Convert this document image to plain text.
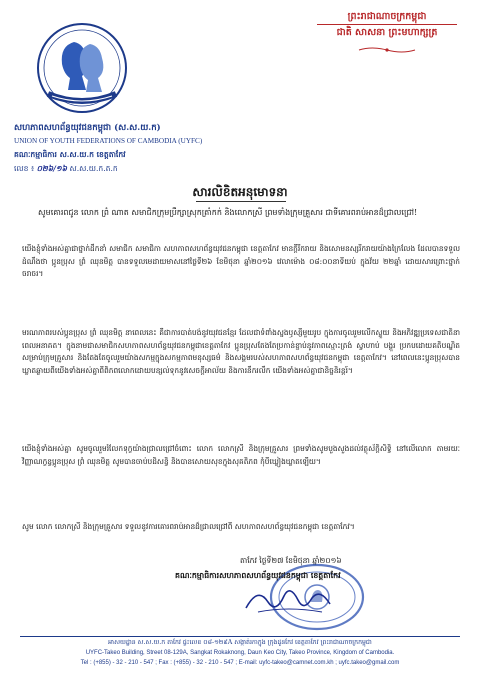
ព្រះរាជាណាចក្រកម្ពុជា
ជាតិ សាសនា ព្រះមហាក្សត្រ
សហភាពសហព័ន្ធយុវជនកម្ពុជា (ស.ស.យ.ក)
UNION OF YOUTH FEDERATIONS OF CAMBODIA (UYFC)
គណៈកម្មាធិការ ស.ស.យ.ក ខេត្តតាកែវ
លេខ ៖ ០២៦/១៦ ស.ស.យ.ក.ត.ក
សារលិខិតអនុមោទនា
សូមគោរពជូន លោក ព្រំ ណាត សមាជិកក្រុមប្រឹក្សាស្រុកត្រាំកក់ និងលោកស្រី ព្រមទាំងក្រុមគ្រួសារ ជាទីគោរពរាប់អានដ៏ជ្រាលជ្រៅ!
យើងខ្ញុំទាំងអស់គ្នាជាថ្នាក់ដឹកនាំ សមាជិក សមាជិកា សហភាពសហព័ន្ធយុវជនកម្ពុជា ខេត្តតាកែវ មានក្តីរីករាយ និងសោមនស្សរីករាយយ៉ាងក្រៃលែង ដែលបានទទួលដំណឹងថា ប្អូនប្រុស ព្រំ ឈុនមិត្ត បានទទួលមេដាយមាសនៅថ្ងៃទី២៦ ខែមិថុនា ឆ្នាំ២០១៦ វេលាម៉ោង ០៨:០០នាទីយប់ ក្នុងវ័យ ២២ឆ្នាំ ដោយសារព្រោះថ្នាក់ចរាចរ។
មរណភាពរបស់ប្អូនប្រុស ព្រំ ឈុនមិត្ត នាពេលនេះ គឺជាការបាត់បង់នូវយុវជនខ្មែរ ដែលជាទំពាំងស្នងឫស្សីមួយរូប ក្នុងការចូលរួមលើកស្ទួយ និងអភិវឌ្ឍប្រទេសជាតិនាពេលអនាគត។ ក្នុងនាមជាសមាជិកសហភាពសហព័ន្ធយុវជនកម្ពុជាខេត្តតាកែវ ប្អូនប្រុសតែងតែប្រកាន់ខ្ជាប់នូវភាពស្មោះត្រង់ ស្វាហាប់ បង្គួរ ប្រកបដោយគតិបណ្ឌិតសម្រាប់ក្រុមគ្រួសារ និងតែងតែចូលរួមយ៉ាងសកម្មក្នុងសកម្មភាពមនុស្សធម៌ និងសង្គមរបស់សហភាពសហព័ន្ធយុវជនកម្ពុជា ខេត្តតាកែវ។ នៅពេលនេះប្អូនប្រុសបានឃ្លាតឆ្ងាយពីយើងទាំងអស់គ្នាពីពិភពលោកដោយបន្សល់ទុកនូវសេចក្តីអាល័យ និងការនឹករលឹក យើងទាំងអស់គ្នាជានិច្ចនិរន្តរ៍។
យើងខ្ញុំទាំងអស់គ្នា សូមចូលរួមរំលែកទុក្ខយ៉ាងជ្រាលជ្រៅចំពោះ លោក លោកស្រី និងក្រុមគ្រួសារ ព្រមទាំងសូមបួងសួងដល់វត្ថុស័ក្តិសិទ្ធិ នៅលើលោក តាមរយៈវិញ្ញាណក្ខន្ធប្អូនប្រុស ព្រំ ឈុនមិត្ត សូមបានចាប់បដិសន្ធិ និងបានសោយសុខក្នុងសុគតិភព កុំបីឃ្លៀងឃ្លាតឡើយ។
សូម លោក លោកស្រី និងក្រុមគ្រួសារ ទទួលនូវការគោរពរាប់អានដ៏ជ្រាលជ្រៅពី សហភាពសហព័ន្ធយុវជនកម្ពុជា ខេត្តតាកែវ។
តាកែវ ថ្ងៃទី២៧ ខែមិថុនា ឆ្នាំ២០១៦
គណៈកម្មាធិការសហភាពសហព័ន្ធយុវជនកម្ពុជា ខេត្តតាកែវ
អាសយដ្ឋាន ស.ស.យ.ក តាកែវ ផ្ទះលេខ ០៨-១២៩A សង្កាត់រកាក្នុង ក្រុងដូនកែវ ខេត្តតាកែវ ព្រះរាជាណាចក្រកម្ពុជា
UYFC-Takeo Building, Street 08-129A, Sangkat Rokaknong, Daun Keo City, Takeo Province, Kingdom of Cambodia.
Tel : (+855) - 32 - 210 - 547 ; Fax : (+855) - 32 - 210 - 547 ; E-mail: uyfc-takeo@camnet.com.kh ; uyfc.takeo@gmail.com
